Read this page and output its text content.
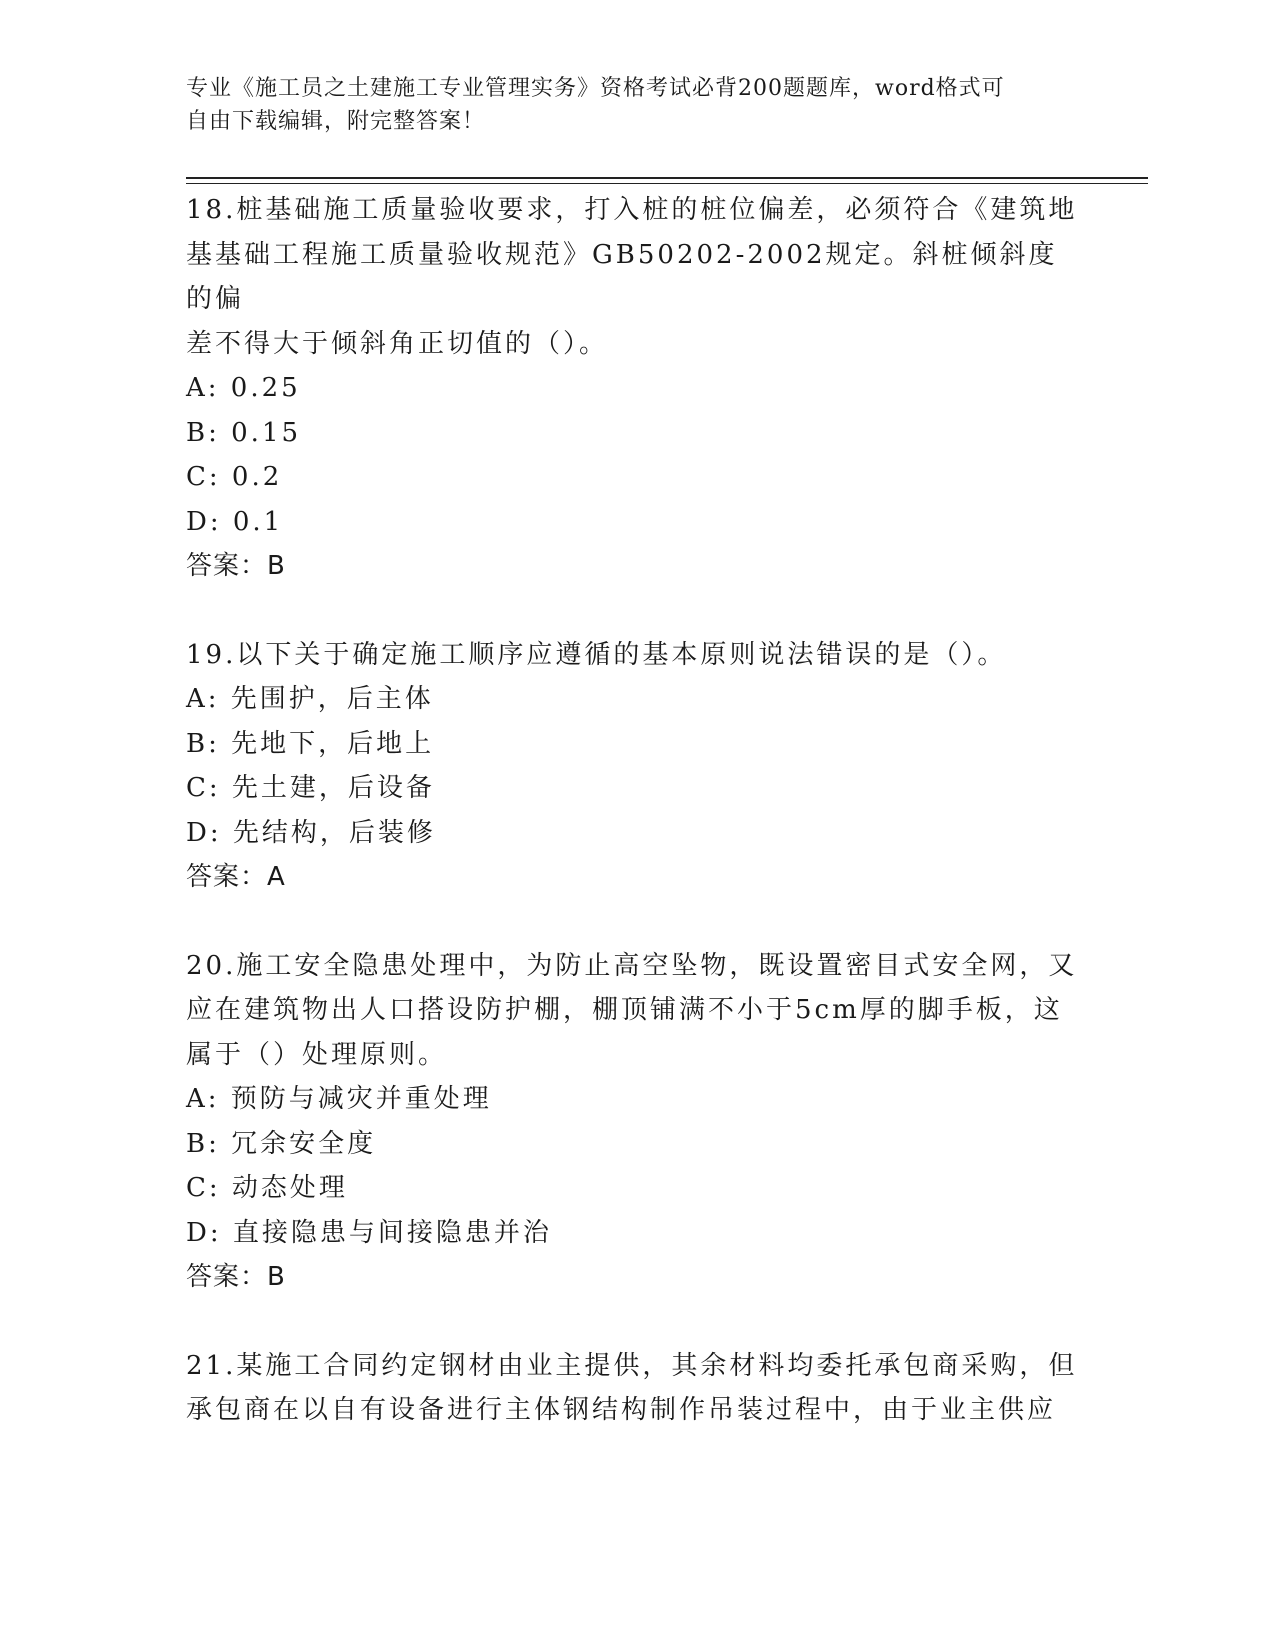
专业《施工员之土建施工专业管理实务》资格考试必背200题题库，word格式可
自由下载编辑，附完整答案！

18.桩基础施工质量验收要求，打入桩的桩位偏差，必须符合《建筑地

基基础工程施工质量验收规范》GB50202-2002规定。斜桩倾斜度的偏

差不得大于倾斜角正切值的（）。

A: 0.25

B: 0.15

C: 0.2

D: 0.1

答案：B

19.以下关于确定施工顺序应遵循的基本原则说法错误的是（）。

A: 先围护，后主体

B: 先地下，后地上

C: 先土建，后设备

D: 先结构，后装修

答案：A

20.施工安全隐患处理中，为防止高空坠物，既设置密目式安全网，又

应在建筑物出人口搭设防护棚，棚顶铺满不小于5cm厚的脚手板，这

属于（）处理原则。

A: 预防与减灾并重处理

B: 冗余安全度

C: 动态处理

D: 直接隐患与间接隐患并治

答案：B

21.某施工合同约定钢材由业主提供，其余材料均委托承包商采购，但

承包商在以自有设备进行主体钢结构制作吊装过程中，由于业主供应
